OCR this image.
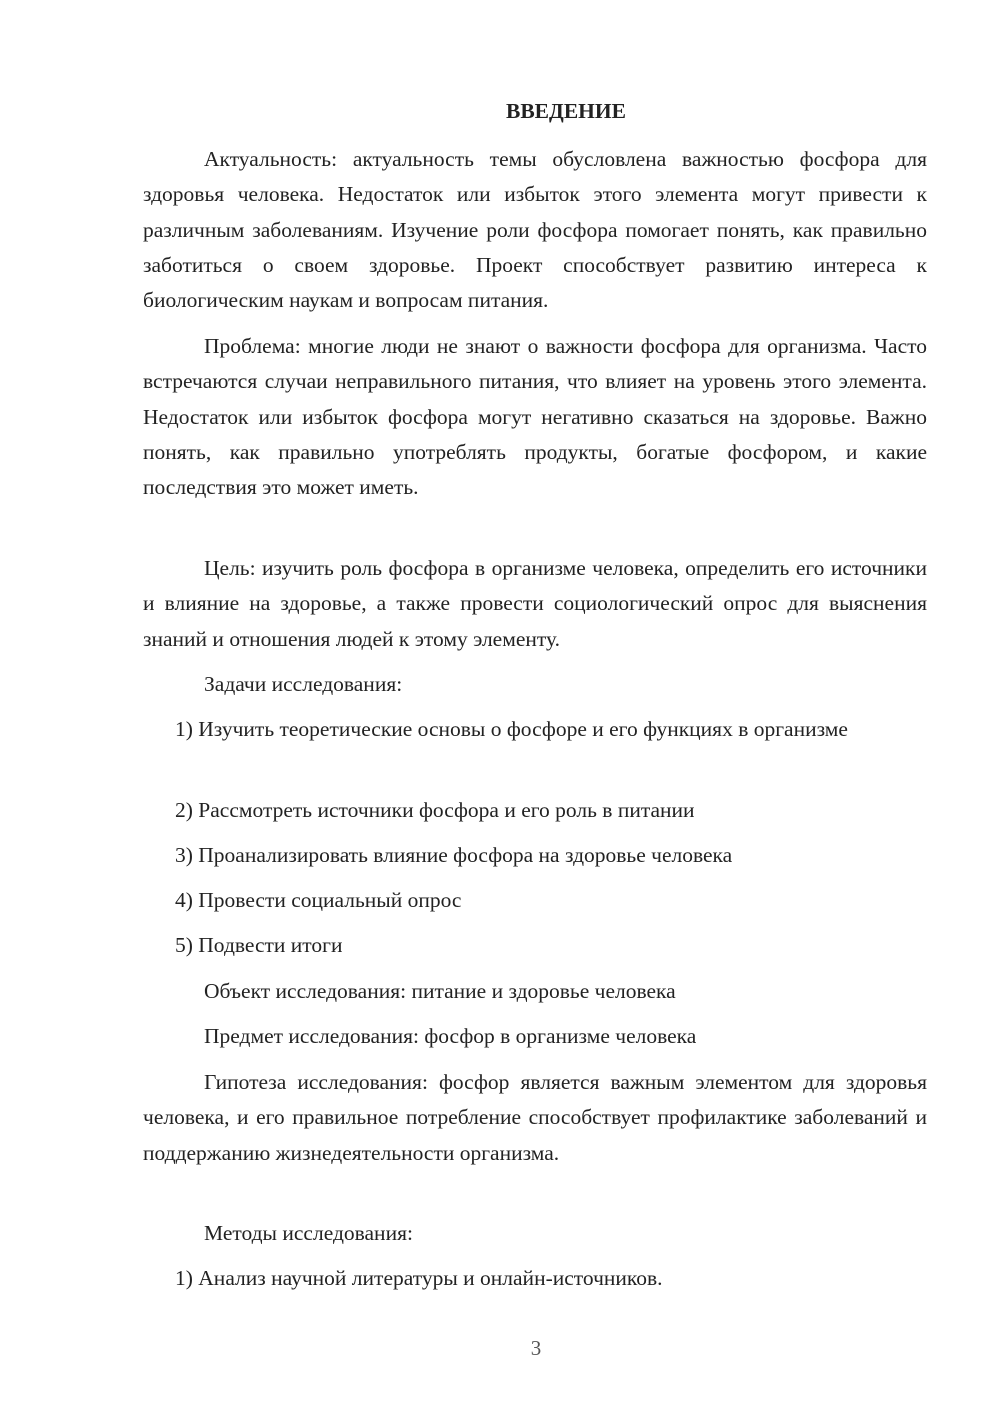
ВВЕДЕНИЕ

Актуальность: актуальность темы обусловлена важностью фосфора для здоровья человека. Недостаток или избыток этого элемента могут привести к различным заболеваниям. Изучение роли фосфора помогает понять, как правильно заботиться о своем здоровье. Проект способствует развитию интереса к биологическим наукам и вопросам питания.

Проблема: многие люди не знают о важности фосфора для организма. Часто встречаются случаи неправильного питания, что влияет на уровень этого элемента. Недостаток или избыток фосфора могут негативно сказаться на здоровье. Важно понять, как правильно употреблять продукты, богатые фосфором, и какие последствия это может иметь.

Цель: изучить роль фосфора в организме человека, определить его источники и влияние на здоровье, а также провести социологический опрос для выяснения знаний и отношения людей к этому элементу.

Задачи исследования:

1) Изучить теоретические основы о фосфоре и его функциях в организме

2) Рассмотреть источники фосфора и его роль в питании

3) Проанализировать влияние фосфора на здоровье человека

4) Провести социальный опрос

5) Подвести итоги

Объект исследования: питание и здоровье человека

Предмет исследования: фосфор в организме человека

Гипотеза исследования: фосфор является важным элементом для здоровья человека, и его правильное потребление способствует профилактике заболеваний и поддержанию жизнедеятельности организма.

Методы исследования:

1) Анализ научной литературы и онлайн-источников.

3
